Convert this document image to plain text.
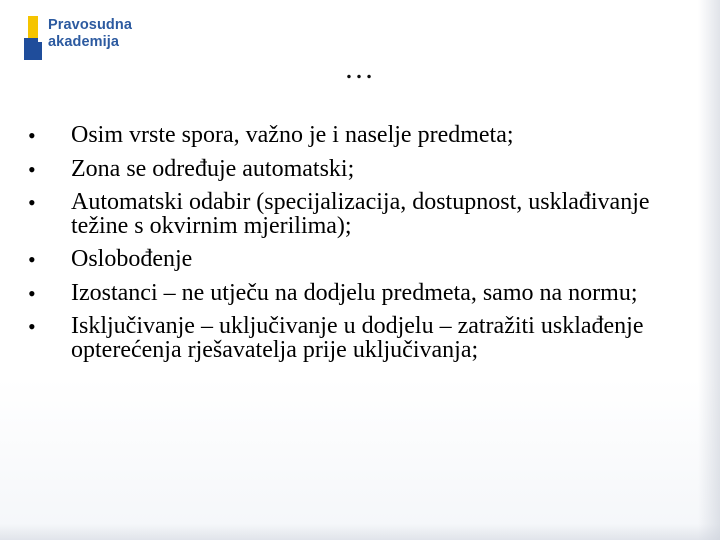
Pravosudna
akademija
…
•	Osim vrste spora, važno je i naselje predmeta;
•	Zona se određuje automatski;
•	Automatski odabir (specijalizacija, dostupnost, usklađivanje težine s okvirnim mjerilima);
•	Oslobođenje
•	Izostanci – ne utječu na dodjelu predmeta, samo na normu;
•	Isključivanje – uključivanje u dodjelu – zatražiti usklađenje opterećenja rješavatelja prije uključivanja;
